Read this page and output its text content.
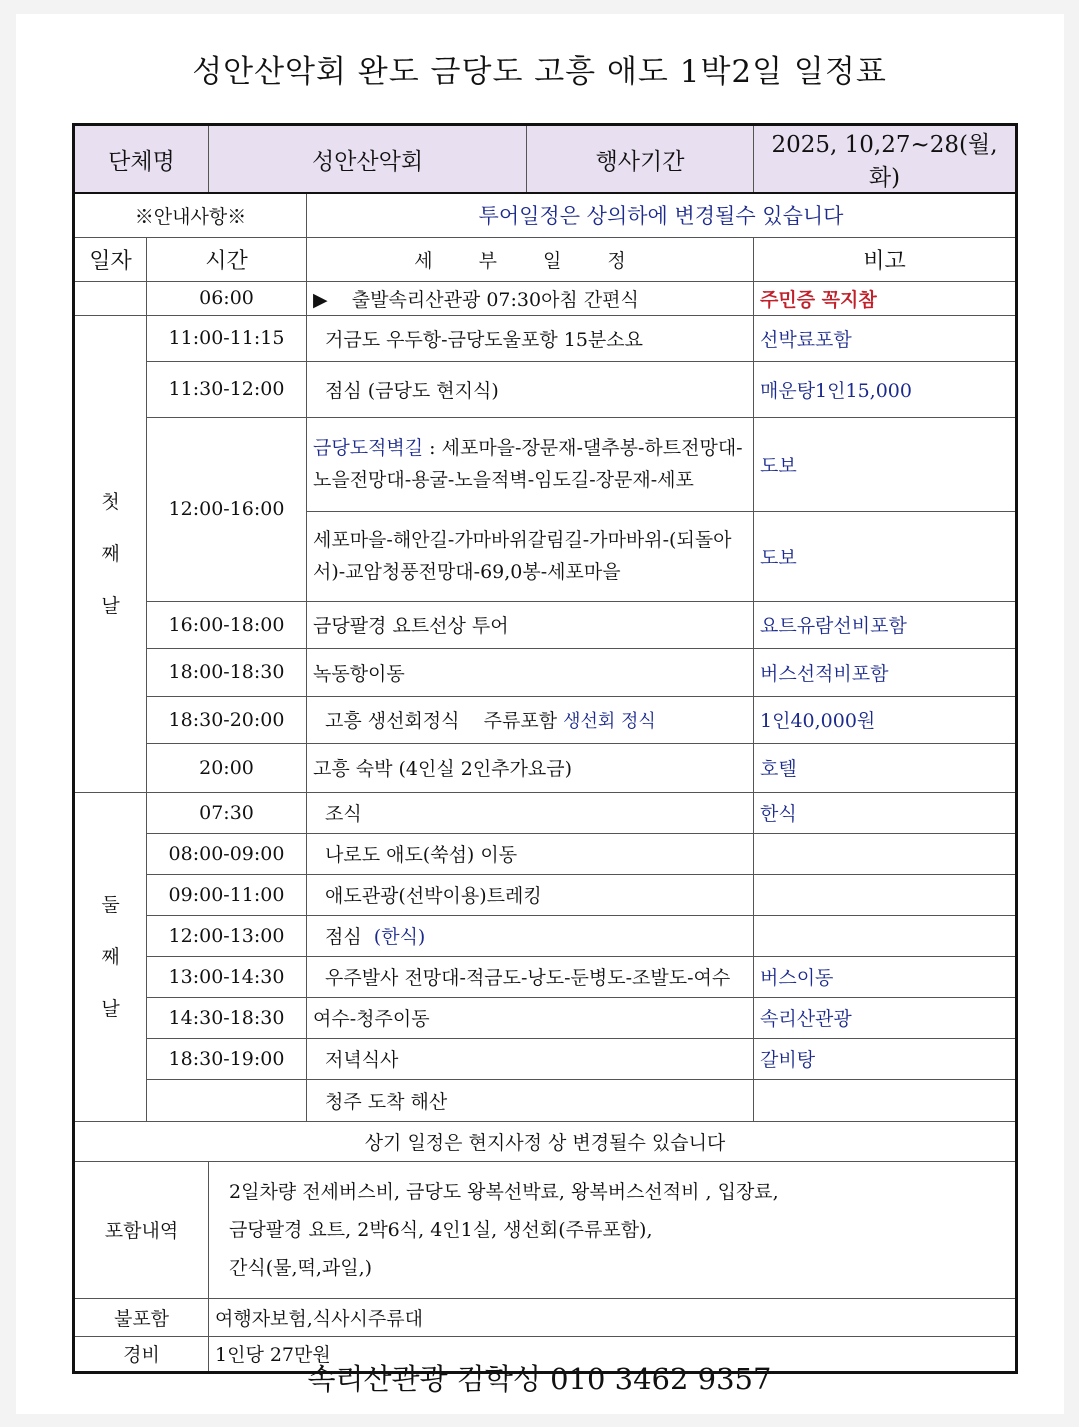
성안산악회 완도 금당도 고흥 애도 1박2일 일정표
단체명		성안산악회		행사기간	2025, 10,27~28(월,화)
※안내사항※			투어일정은 상의하에 변경될수 있습니다		
일자	시간		세 부 일 정		비고
	06:00		▶ 출발속리산관광 07:30아침 간편식		주민증 꼭지참
첫
째
날	11:00-11:15		거금도 우두항-금당도울포항 15분소요		선박료포함
	11:30-12:00		점심 (금당도 현지식)		매운탕1인15,000
	12:00-16:00		금당도적벽길 : 세포마을-장문재-댈추봉-하트전망대-노을전망대-용굴-노을적벽-임도길-장문재-세포		도보
			세포마을-해안길-가마바위갈림길-가마바위-(되돌아서)-교암청풍전망대-69,0봉-세포마을		도보
	16:00-18:00		금당팔경 요트선상 투어		요트유람선비포함
	18:00-18:30		녹동항이동		버스선적비포함
	18:30-20:00		고흥 생선회정식    주류포함 생선회 정식		1인40,000원
	20:00		고흥 숙박 (4인실 2인추가요금)		호텔

둘
째
날	07:30		조식		한식
	08:00-09:00		나로도 애도(쑥섬) 이동		
	09:00-11:00		애도관광(선박이용)트레킹		
	12:00-13:00		점심  (한식)		
	13:00-14:30		우주발사 전망대-적금도-낭도-둔병도-조발도-여수		버스이동
	14:30-18:30		여수-청주이동		속리산관광
	18:30-19:00		저녁식사		갈비탕
			청주 도착 해산		
상기 일정은 현지사정 상 변경될수 있습니다					
포함내역		2일차량 전세버스비, 금당도 왕복선박료, 왕복버스선적비 , 입장료,
금당팔경 요트, 2박6식, 4인1실, 생선회(주류포함),
간식(물,떡,과일,)			

불포함		여행자보험,식사시주류대			
경비		1인당 27만원			
속리산관광 김학성 010 3462 9357
